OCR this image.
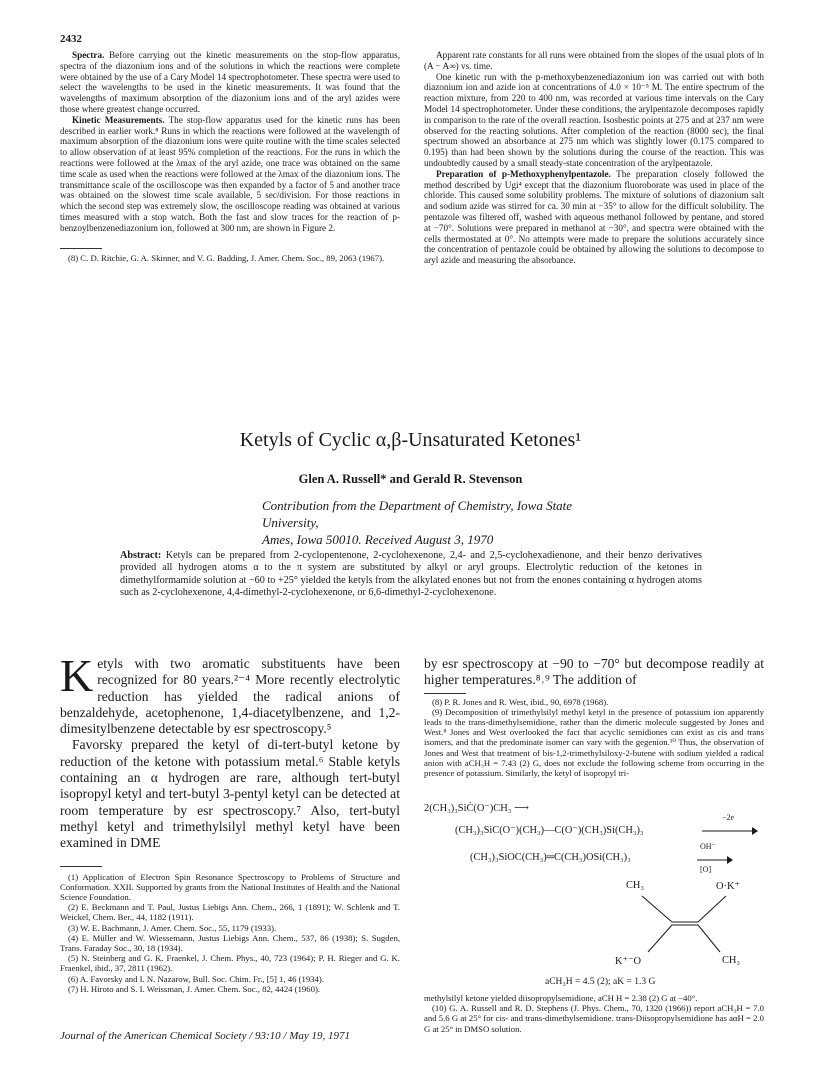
2432

Spectra. Before carrying out the kinetic measurements on the stop-flow apparatus, spectra of the diazonium ions and of the solutions in which the reactions were complete were obtained by the use of a Cary Model 14 spectrophotometer. These spectra were used to select the wavelengths to be used in the kinetic measurements. It was found that the wavelengths of maximum absorption of the diazonium ions and of the aryl azides were those where greatest change occurred.

Kinetic Measurements. The stop-flow apparatus used for the kinetic runs has been described in earlier work.⁸ Runs in which the reactions were followed at the wavelength of maximum absorption of the diazonium ions were quite routine with the time scales selected to allow observation of at least 95% completion of the reactions. For the runs in which the reactions were followed at the λmax of the aryl azide, one trace was obtained on the same time scale as used when the reactions were followed at the λmax of the diazonium ions. The transmittance scale of the oscilloscope was then expanded by a factor of 5 and another trace was obtained on the slowest time scale available, 5 sec/division. For those reactions in which the second step was extremely slow, the oscilloscope reading was obtained at various times measured with a stop watch. Both the fast and slow traces for the reaction of p-benzoylbenzenediazonium ion, followed at 300 nm, are shown in Figure 2.

(8) C. D. Ritchie, G. A. Skinner, and V. G. Badding, J. Amer. Chem. Soc., 89, 2063 (1967).

Apparent rate constants for all runs were obtained from the slopes of the usual plots of ln (A − A∞) vs. time.

One kinetic run with the p-methoxybenzenediazonium ion was carried out with both diazonium ion and azide ion at concentrations of 4.0 × 10⁻⁵ M. The entire spectrum of the reaction mixture, from 220 to 400 nm, was recorded at various time intervals on the Cary Model 14 spectrophotometer. Under these conditions, the arylpentazole decomposes rapidly in comparison to the rate of the overall reaction. Isosbestic points at 275 and at 237 nm were observed for the reacting solutions. After completion of the reaction (8000 sec), the final spectrum showed an absorbance at 275 nm which was slightly lower (0.175 compared to 0.195) than had been shown by the solutions during the course of the reaction. This was undoubtedly caused by a small steady-state concentration of the arylpentazole.

Preparation of p-Methoxyphenylpentazole. The preparation closely followed the method described by Ugi⁴ except that the diazonium fluoroborate was used in place of the chloride. This caused some solubility problems. The mixture of solutions of diazonium salt and sodium azide was stirred for ca. 30 min at −35° to allow for the difficult solubility. The pentazole was filtered off, washed with aqueous methanol followed by pentane, and stored at −70°. Solutions were prepared in methanol at −30°, and spectra were obtained with the cells thermostated at 0°. No attempts were made to prepare the solutions accurately since the concentration of pentazole could be obtained by allowing the solutions to decompose to aryl azide and measuring the absorbance.

Ketyls of Cyclic α,β-Unsaturated Ketones¹
Glen A. Russell* and Gerald R. Stevenson
Contribution from the Department of Chemistry, Iowa State University,
Ames, Iowa 50010. Received August 3, 1970
Abstract: Ketyls can be prepared from 2-cyclopentenone, 2-cyclohexenone, 2,4- and 2,5-cyclohexadienone, and their benzo derivatives provided all hydrogen atoms α to the π system are substituted by alkyl or aryl groups. Electrolytic reduction of the ketones in dimethylformamide solution at −60 to +25° yielded the ketyls from the alkylated enones but not from the enones containing α hydrogen atoms such as 2-cyclohexenone, 4,4-dimethyl-2-cyclohexenone, or 6,6-dimethyl-2-cyclohexenone.

Ketyls with two aromatic substituents have been recognized for 80 years.²⁻⁴ More recently electrolytic reduction has yielded the radical anions of benzaldehyde, acetophenone, 1,4-diacetylbenzene, and 1,2-dimesitylbenzene detectable by esr spectroscopy.⁵

Favorsky prepared the ketyl of di-tert-butyl ketone by reduction of the ketone with potassium metal.⁶ Stable ketyls containing an α hydrogen are rare, although tert-butyl isopropyl ketyl and tert-butyl 3-pentyl ketyl can be detected at room temperature by esr spectroscopy.⁷ Also, tert-butyl methyl ketyl and trimethylsilyl methyl ketyl have been examined in DME

(1) Application of Electron Spin Resonance Spectroscopy to Problems of Structure and Conformation. XXII. Supported by grants from the National Institutes of Health and the National Science Foundation.

(2) E. Beckmann and T. Paul, Justus Liebigs Ann. Chem., 266, 1 (1891); W. Schlenk and T. Weickel, Chem. Ber., 44, 1182 (1911).

(3) W. E. Bachmann, J. Amer. Chem. Soc., 55, 1179 (1933).

(4) E. Müller and W. Wiessemann, Justus Liebigs Ann. Chem., 537, 86 (1938); S. Sugden, Trans. Faraday Soc., 30, 18 (1934).

(5) N. Steinberg and G. K. Fraenkel, J. Chem. Phys., 40, 723 (1964); P. H. Rieger and G. K. Fraenkel, ibid., 37, 2811 (1962).

(6) A. Favorsky and I. N. Nazarow, Bull. Soc. Chim. Fr., [5] 1, 46 (1934).

(7) H. Hiroto and S. I. Weissman, J. Amer. Chem. Soc., 82, 4424 (1960).

by esr spectroscopy at −90 to −70° but decompose readily at higher temperatures.⁸˒⁹ The addition of

(8) P. R. Jones and R. West, ibid., 90, 6978 (1968).

(9) Decomposition of trimethylsilyl methyl ketyl in the presence of potassium ion apparently leads to the trans-dimethylsemidione, rather than the dimeric molecule suggested by Jones and West.⁸ Jones and West overlooked the fact that acyclic semidiones can exist as cis and trans isomers, and that the predominate isomer can vary with the gegenion.¹⁰ Thus, the observation of Jones and West that treatment of bis-1,2-trimethylsiloxy-2-butene with sodium yielded a radical anion with aCH₃H = 7.43 (2) G, does not exclude the following scheme from occurring in the presence of potassium. Similarly, the ketyl of isopropyl tri-

2(CH₃)₃SiĊ(O⁻)CH₃ ⟶
(CH₃)₃SiC(O⁻)(CH₃)—C(O⁻)(CH₃)Si(CH₃)₃
−2e
(CH₃)₃SiOC(CH₃)═C(CH₃)OSi(CH₃)₃
OH⁻
[O]
CH₃	O·K⁺
K⁺⁻O	CH₃
aCH₃H = 4.5 (2); aK = 1.3 G

methylsilyl ketone yielded diisopropylsemidione, aCH H = 2.38 (2) G at −40°.

(10) G. A. Russell and R. D. Stephens (J. Phys. Chem., 70, 1320 (1966)) report aCH₃H = 7.0 and 5.6 G at 25° for cis- and trans-dimethylsemidione. trans-Diisopropylsemidione has aαH = 2.0 G at 25° in DMSO solution.

Journal of the American Chemical Society / 93:10 / May 19, 1971
